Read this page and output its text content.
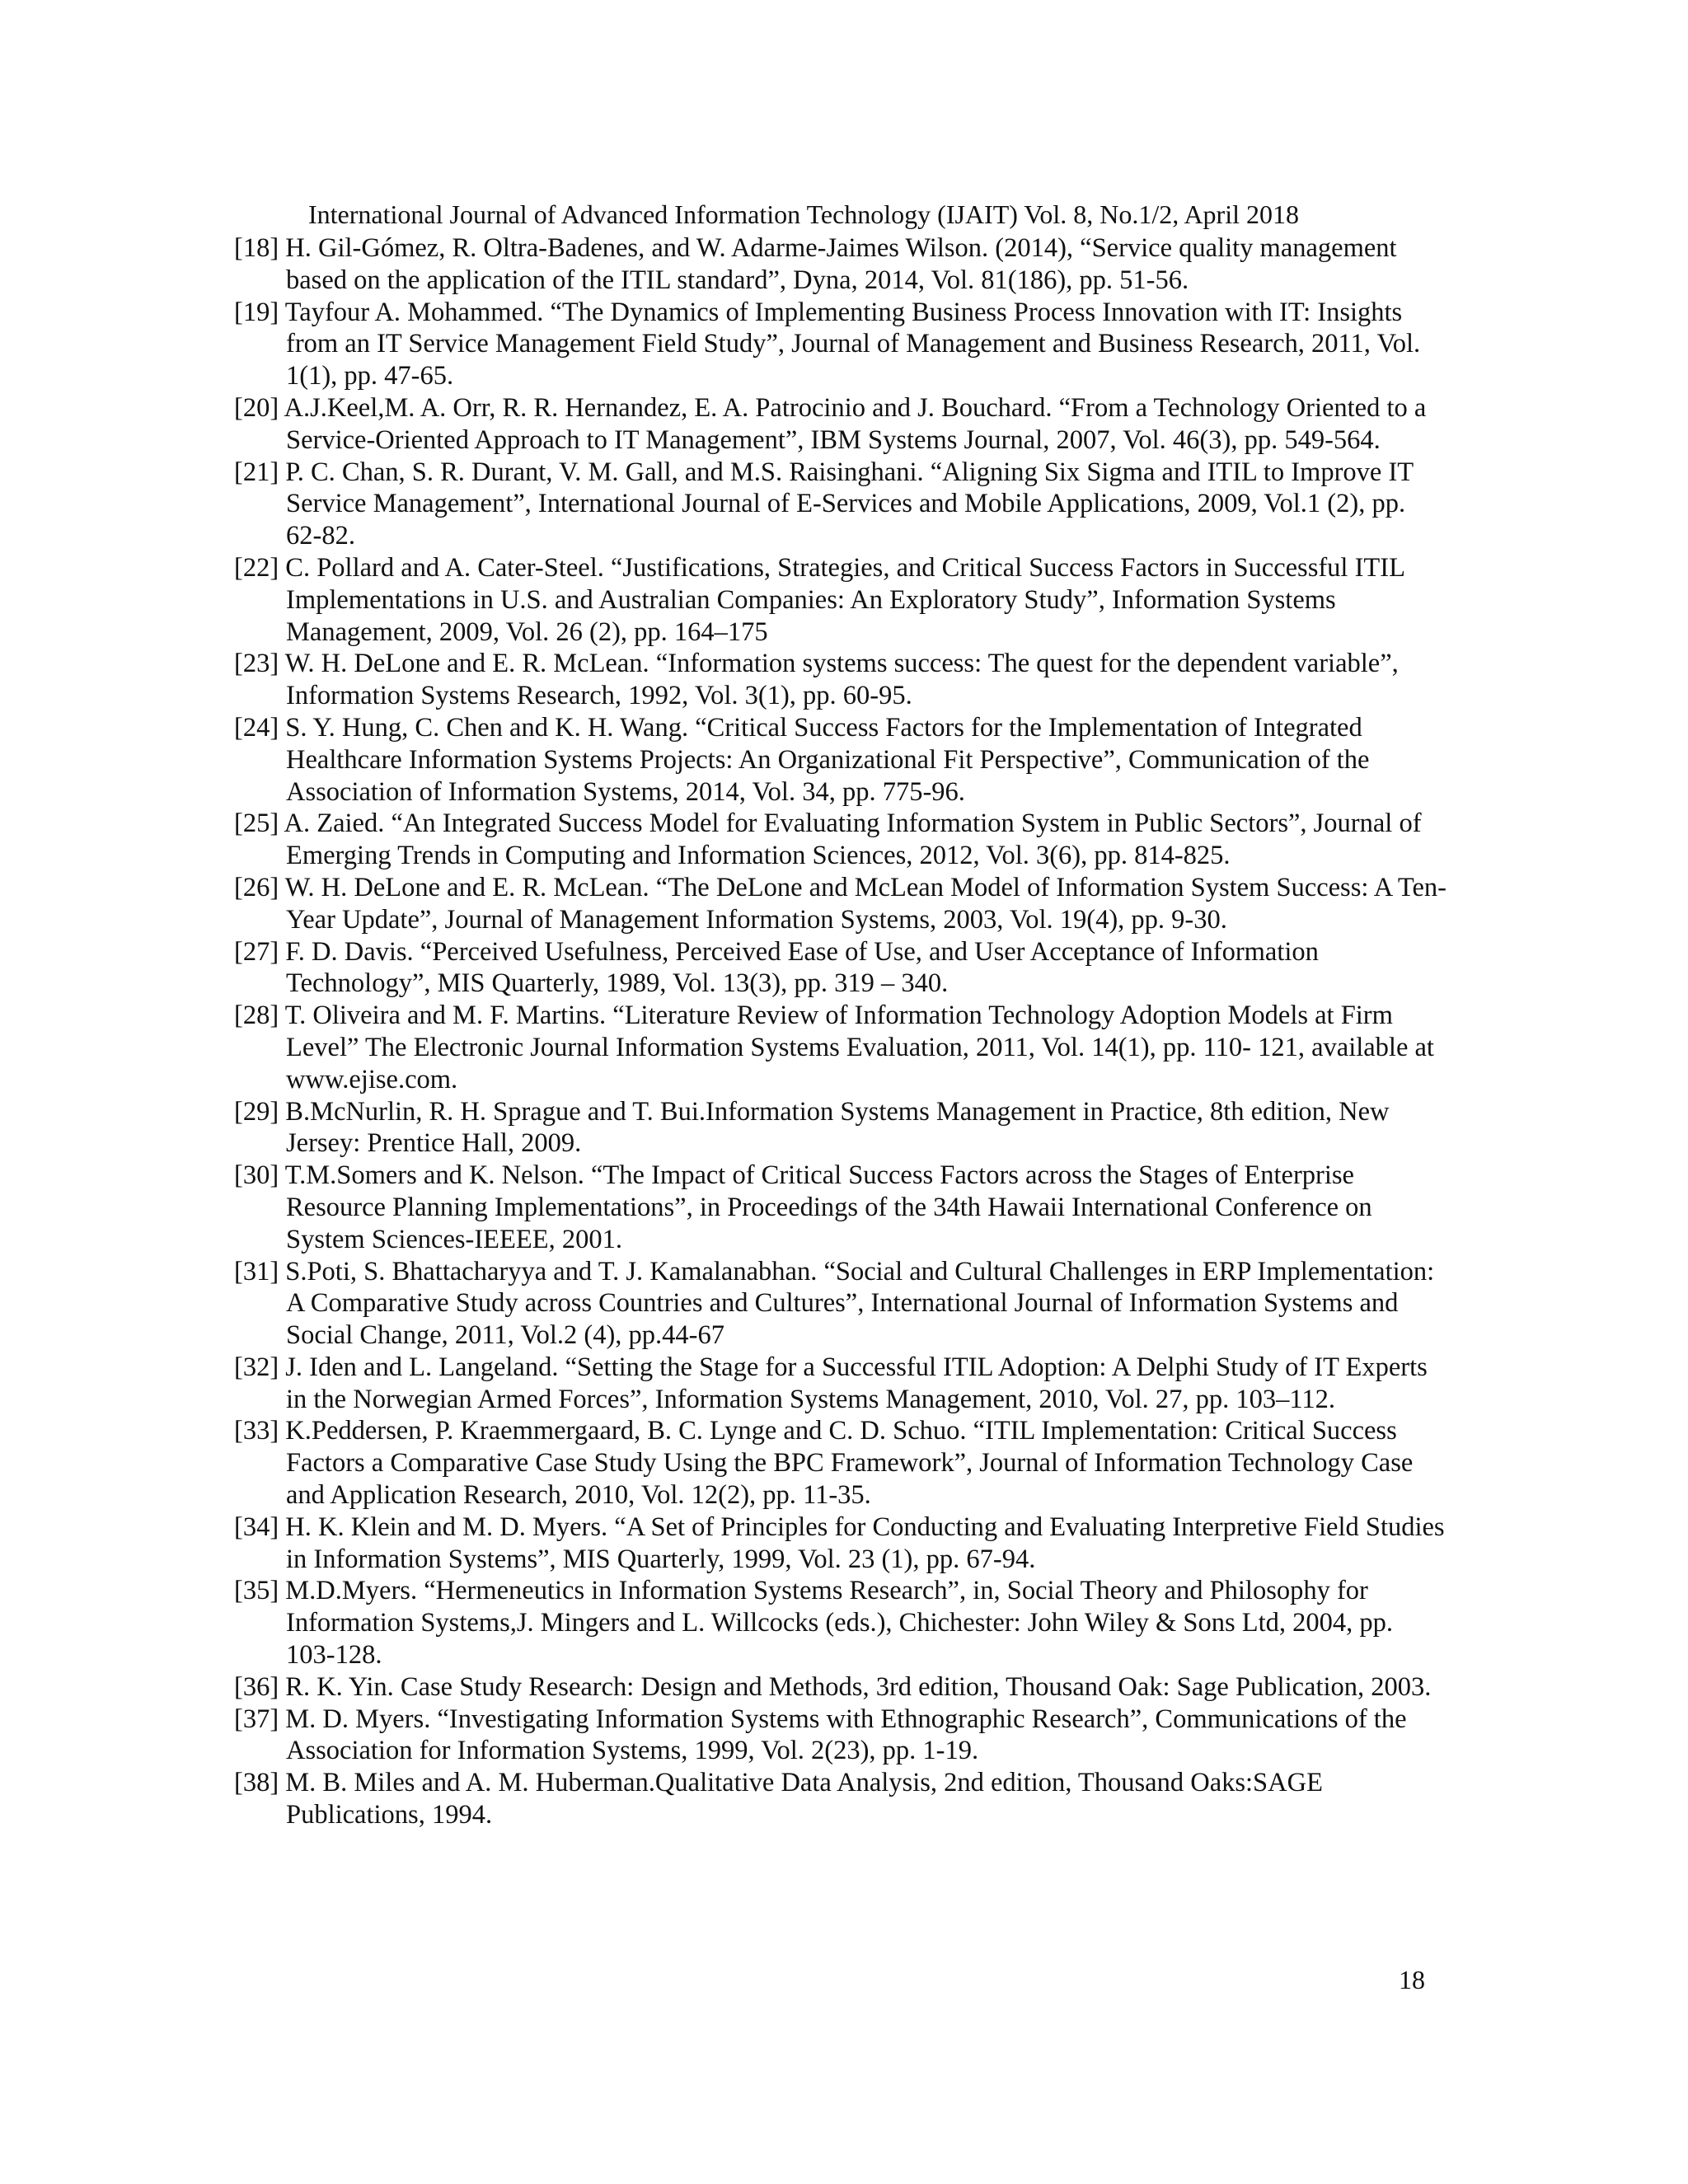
International Journal of Advanced Information Technology (IJAIT) Vol. 8, No.1/2, April 2018
[18] H. Gil-Gómez, R. Oltra-Badenes, and W. Adarme-Jaimes Wilson. (2014), “Service quality management based on the application of the ITIL standard”, Dyna, 2014, Vol. 81(186), pp. 51-56.
[19] Tayfour A. Mohammed. “The Dynamics of Implementing Business Process Innovation with IT: Insights from an IT Service Management Field Study”, Journal of Management and Business Research, 2011, Vol. 1(1), pp. 47-65.
[20] A.J.Keel,M. A. Orr, R. R. Hernandez, E. A. Patrocinio and J. Bouchard. “From a Technology Oriented to a Service-Oriented Approach to IT Management”, IBM Systems Journal, 2007, Vol. 46(3), pp. 549-564.
[21] P. C. Chan, S. R. Durant, V. M. Gall, and M.S. Raisinghani. “Aligning Six Sigma and ITIL to Improve IT Service Management”, International Journal of E-Services and Mobile Applications, 2009, Vol.1 (2), pp. 62-82.
[22] C. Pollard and A. Cater-Steel. “Justifications, Strategies, and Critical Success Factors in Successful ITIL Implementations in U.S. and Australian Companies: An Exploratory Study”, Information Systems Management, 2009, Vol. 26 (2), pp. 164–175
[23] W. H. DeLone and E. R. McLean. “Information systems success: The quest for the dependent variable”, Information Systems Research, 1992, Vol. 3(1), pp. 60-95.
[24] S. Y. Hung, C. Chen and K. H. Wang. “Critical Success Factors for the Implementation of Integrated Healthcare Information Systems Projects: An Organizational Fit Perspective”, Communication of the Association of Information Systems, 2014, Vol. 34, pp. 775-96.
[25] A. Zaied. “An Integrated Success Model for Evaluating Information System in Public Sectors”, Journal of Emerging Trends in Computing and Information Sciences, 2012, Vol. 3(6), pp. 814-825.
[26] W. H. DeLone and E. R. McLean. “The DeLone and McLean Model of Information System Success: A Ten-Year Update”, Journal of Management Information Systems, 2003, Vol. 19(4), pp. 9-30.
[27] F. D. Davis. “Perceived Usefulness, Perceived Ease of Use, and User Acceptance of Information Technology”, MIS Quarterly, 1989, Vol. 13(3), pp. 319 – 340.
[28] T. Oliveira and M. F. Martins. “Literature Review of Information Technology Adoption Models at Firm Level” The Electronic Journal Information Systems Evaluation, 2011, Vol. 14(1), pp. 110- 121, available at www.ejise.com.
[29] B.McNurlin, R. H. Sprague and T. Bui.Information Systems Management in Practice, 8th edition, New Jersey: Prentice Hall, 2009.
[30] T.M.Somers and K. Nelson. “The Impact of Critical Success Factors across the Stages of Enterprise Resource Planning Implementations”, in Proceedings of the 34th Hawaii International Conference on System Sciences-IEEEE, 2001.
[31] S.Poti, S. Bhattacharyya and T. J. Kamalanabhan. “Social and Cultural Challenges in ERP Implementation: A Comparative Study across Countries and Cultures”, International Journal of Information Systems and Social Change, 2011, Vol.2 (4), pp.44-67
[32] J. Iden and L. Langeland. “Setting the Stage for a Successful ITIL Adoption: A Delphi Study of IT Experts in the Norwegian Armed Forces”, Information Systems Management, 2010, Vol. 27, pp. 103–112.
[33] K.Peddersen, P. Kraemmergaard, B. C. Lynge and C. D. Schuo. “ITIL Implementation: Critical Success Factors a Comparative Case Study Using the BPC Framework”, Journal of Information Technology Case and Application Research, 2010, Vol. 12(2), pp. 11-35.
[34] H. K. Klein and M. D. Myers. “A Set of Principles for Conducting and Evaluating Interpretive Field Studies in Information Systems”, MIS Quarterly, 1999, Vol. 23 (1), pp. 67-94.
[35] M.D.Myers. “Hermeneutics in Information Systems Research”, in, Social Theory and Philosophy for Information Systems,J. Mingers and L. Willcocks (eds.), Chichester: John Wiley & Sons Ltd, 2004, pp. 103-128.
[36] R. K. Yin. Case Study Research: Design and Methods, 3rd edition, Thousand Oak: Sage Publication, 2003.
[37] M. D. Myers. “Investigating Information Systems with Ethnographic Research”, Communications of the Association for Information Systems, 1999, Vol. 2(23), pp. 1-19.
[38] M. B. Miles and A. M. Huberman.Qualitative Data Analysis, 2nd edition, Thousand Oaks:SAGE Publications, 1994.
18
